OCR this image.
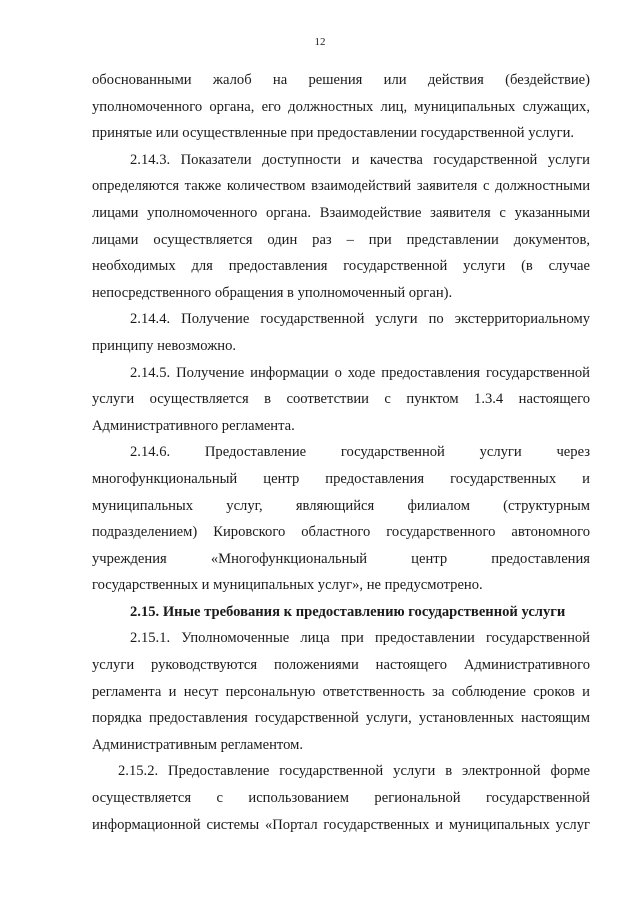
12
обоснованными жалоб на решения или действия (бездействие)
уполномоченного органа, его должностных лиц, муниципальных служащих,
принятые или осуществленные при предоставлении государственной услуги.
2.14.3. Показатели доступности и качества государственной услуги
определяются также количеством взаимодействий заявителя с должностными
лицами уполномоченного органа. Взаимодействие заявителя с указанными
лицами осуществляется один раз – при представлении документов,
необходимых для предоставления государственной услуги (в случае
непосредственного обращения в уполномоченный орган).
2.14.4. Получение государственной услуги по экстерриториальному
принципу невозможно.
2.14.5. Получение информации о ходе предоставления государственной
услуги осуществляется в соответствии с пунктом 1.3.4 настоящего
Административного регламента.
2.14.6. Предоставление государственной услуги через
многофункциональный центр предоставления государственных и
муниципальных услуг, являющийся филиалом (структурным
подразделением) Кировского областного государственного автономного
учреждения «Многофункциональный центр предоставления
государственных и муниципальных услуг», не предусмотрено.
2.15. Иные требования к предоставлению государственной услуги
2.15.1. Уполномоченные лица при предоставлении государственной
услуги руководствуются положениями настоящего Административного
регламента и несут персональную ответственность за соблюдение сроков и
порядка предоставления государственной услуги, установленных настоящим
Административным регламентом.
2.15.2. Предоставление государственной услуги в электронной форме
осуществляется с использованием региональной государственной
информационной системы «Портал государственных и муниципальных услуг
